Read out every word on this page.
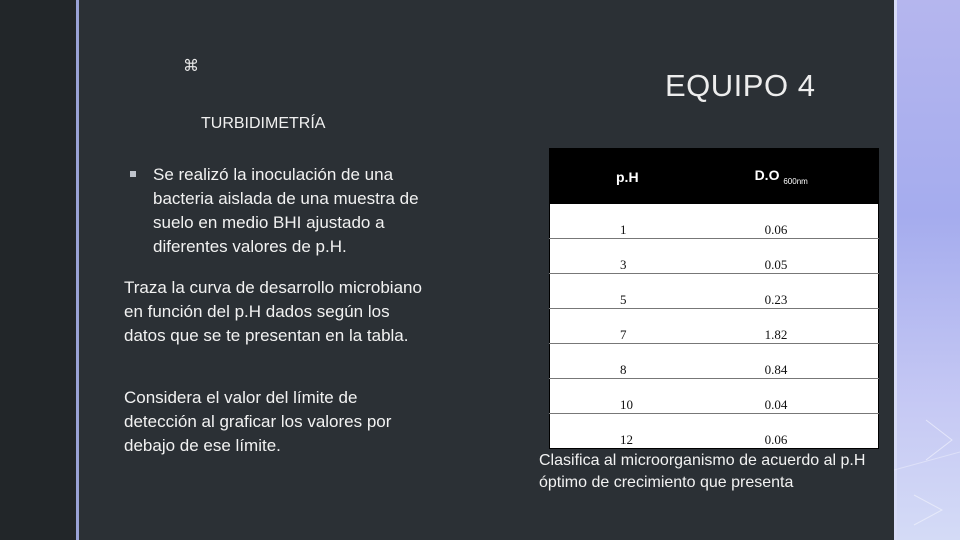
⌘
EQUIPO 4
TURBIDIMETRÍA
Se realizó la inoculación de una bacteria aislada de una muestra de suelo en medio BHI ajustado a diferentes valores de p.H.
Traza la curva de desarrollo microbiano en función del p.H dados según los datos que se te presentan en la tabla.
Considera el valor del límite de detección al graficar los valores por debajo de ese límite.
p.H	D.O $_{600nm}$
1	0.06
3	0.05
5	0.23
7	1.82
8	0.84
10	0.04
12	0.06
Clasifica al microorganismo de acuerdo al p.H óptimo de crecimiento que presenta
